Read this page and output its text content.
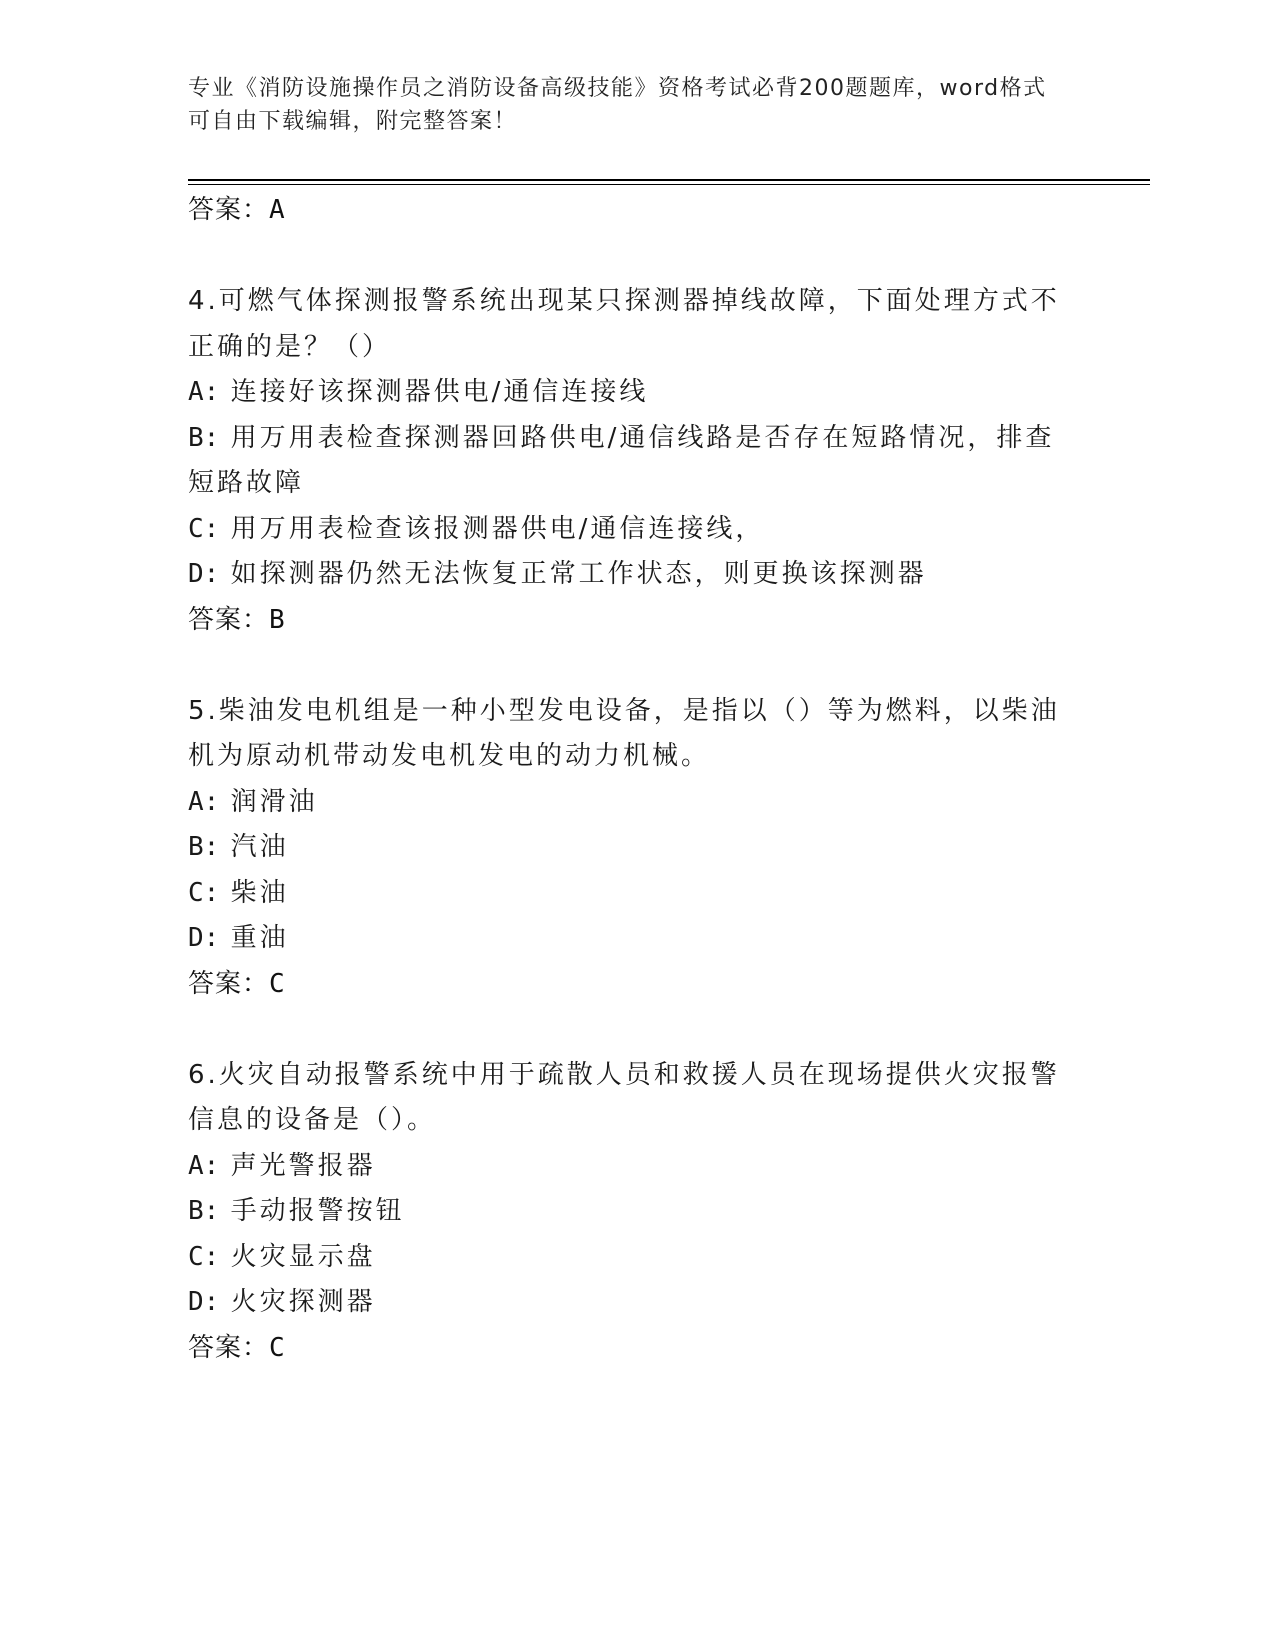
专业《消防设施操作员之消防设备高级技能》资格考试必背200题题库，word格式可自由下载编辑，附完整答案！
答案：A
4.可燃气体探测报警系统出现某只探测器掉线故障，下面处理方式不正确的是？（）
A: 连接好该探测器供电/通信连接线
B: 用万用表检查探测器回路供电/通信线路是否存在短路情况，排查短路故障
C: 用万用表检查该报测器供电/通信连接线，
D: 如探测器仍然无法恢复正常工作状态，则更换该探测器
答案：B
5.柴油发电机组是一种小型发电设备，是指以（）等为燃料，以柴油机为原动机带动发电机发电的动力机械。
A: 润滑油
B: 汽油
C: 柴油
D: 重油
答案：C
6.火灾自动报警系统中用于疏散人员和救援人员在现场提供火灾报警信息的设备是（）。
A: 声光警报器
B: 手动报警按钮
C: 火灾显示盘
D: 火灾探测器
答案：C
